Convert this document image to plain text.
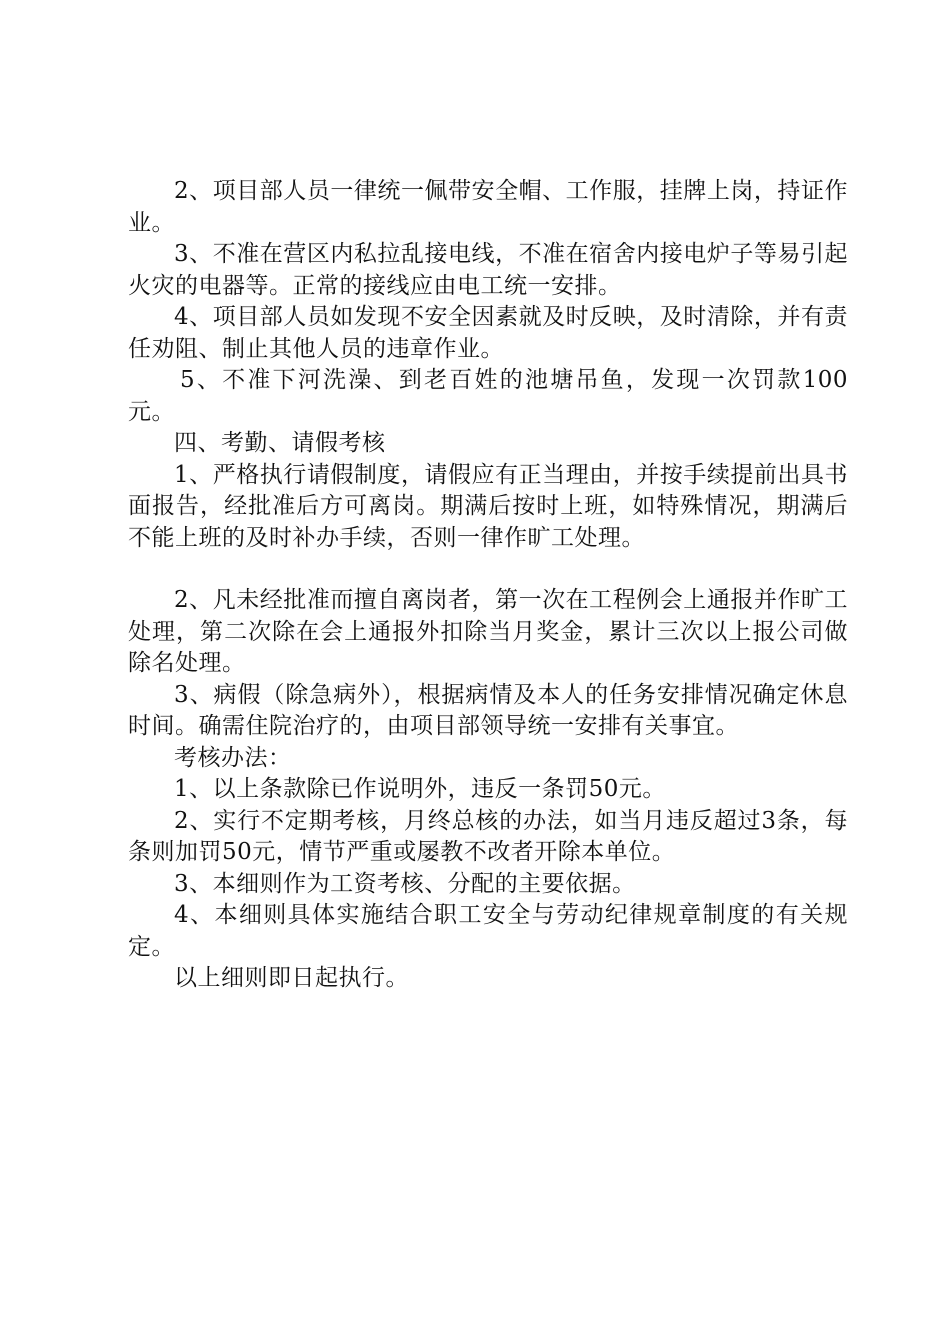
2、项目部人员一律统一佩带安全帽、工作服，挂牌上岗，持证作业。

3、不准在营区内私拉乱接电线，不准在宿舍内接电炉子等易引起火灾的电器等。正常的接线应由电工统一安排。

4、项目部人员如发现不安全因素就及时反映，及时清除，并有责任劝阻、制止其他人员的违章作业。

5、不准下河洗澡、到老百姓的池塘吊鱼，发现一次罚款100元。

四、考勤、请假考核

1、严格执行请假制度，请假应有正当理由，并按手续提前出具书面报告，经批准后方可离岗。期满后按时上班，如特殊情况，期满后不能上班的及时补办手续，否则一律作旷工处理。

2、凡未经批准而擅自离岗者，第一次在工程例会上通报并作旷工处理，第二次除在会上通报外扣除当月奖金，累计三次以上报公司做除名处理。

3、病假（除急病外），根据病情及本人的任务安排情况确定休息时间。确需住院治疗的，由项目部领导统一安排有关事宜。

考核办法：

1、以上条款除已作说明外，违反一条罚50元。

2、实行不定期考核，月终总核的办法，如当月违反超过3条，每条则加罚50元，情节严重或屡教不改者开除本单位。

3、本细则作为工资考核、分配的主要依据。

4、本细则具体实施结合职工安全与劳动纪律规章制度的有关规定。

以上细则即日起执行。
